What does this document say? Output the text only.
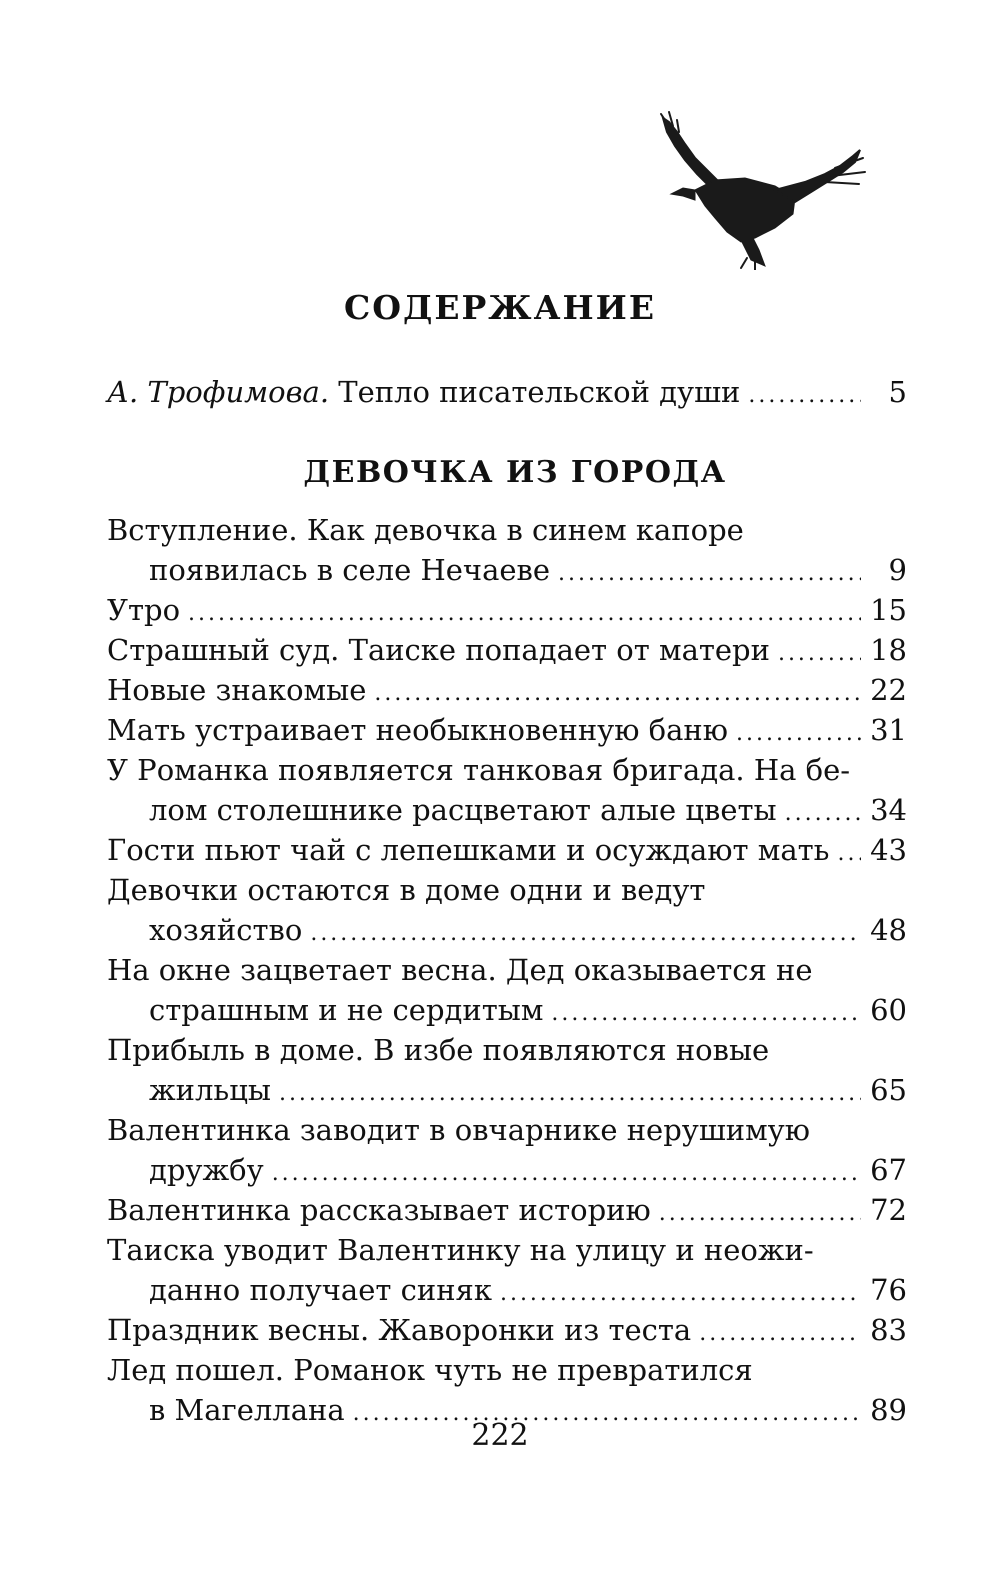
СОДЕРЖАНИЕ
А. Трофимова. Тепло писательской души . . .	5
ДЕВОЧКА ИЗ ГОРОДА
Вступление. Как девочка в синем капоре
появилась в селе Нечаеве . . .	9
Утро . . .	15
Страшный суд. Таиске попадает от матери . . .	18
Новые знакомые . . .	22
Мать устраивает необыкновенную баню . . .	31
У Романка появляется танковая бригада. На бе-
лом столешнике расцветают алые цветы . . .	34
Гости пьют чай с лепешками и осуждают мать . . . 43
Девочки остаются в доме одни и ведут
хозяйство . . .	48
На окне зацветает весна. Дед оказывается не
страшным и не сердитым . . .	60
Прибыль в доме. В избе появляются новые
жильцы . . .	65
Валентинка заводит в овчарнике нерушимую
дружбу . . .	67
Валентинка рассказывает историю . . .	72
Таиска уводит Валентинку на улицу и неожи-
данно получает синяк . . .	76
Праздник весны. Жаворонки из теста . . .	83
Лед пошел. Романок чуть не превратился
в Магеллана . . .	89
222
